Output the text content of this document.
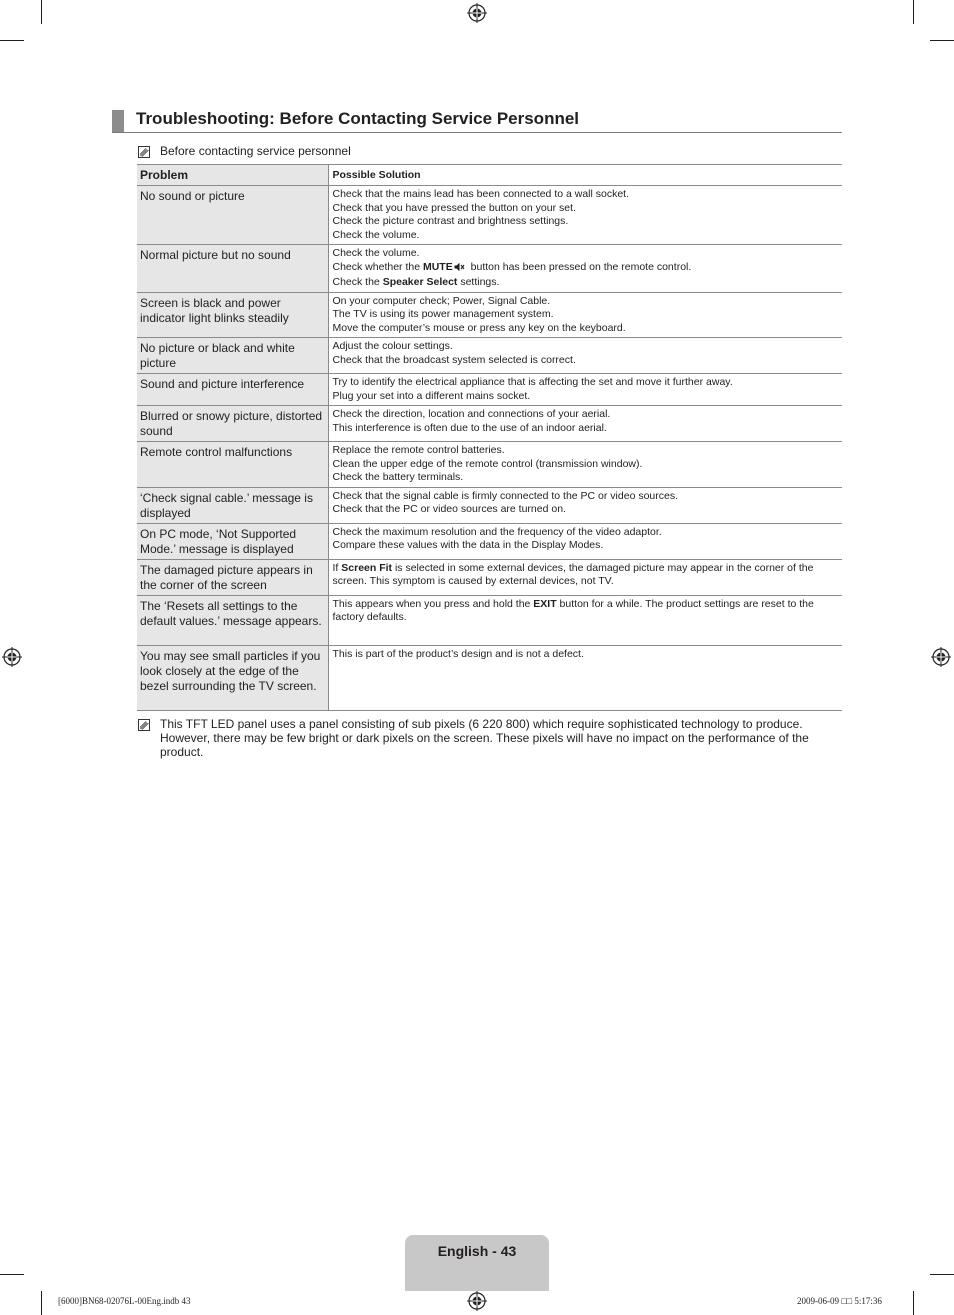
Troubleshooting: Before Contacting Service Personnel
Before contacting service personnel
Problem	Possible Solution
No sound or picture	Check that the mains lead has been connected to a wall socket.
Check that you have pressed the button on your set.
Check the picture contrast and brightness settings.
Check the volume.

Normal picture but no sound	Check the volume.
Check whether the MUTE button has been pressed on the remote control.
Check the Speaker Select settings.

Screen is black and power indicator light blinks steadily	On your computer check; Power, Signal Cable.
The TV is using its power management system.
Move the computer’s mouse or press any key on the keyboard.

No picture or black and white picture	Adjust the colour settings.
Check that the broadcast system selected is correct.

Sound and picture interference	Try to identify the electrical appliance that is affecting the set and move it further away.
Plug your set into a different mains socket.

Blurred or snowy picture, distorted sound	Check the direction, location and connections of your aerial.
This interference is often due to the use of an indoor aerial.

Remote control malfunctions	Replace the remote control batteries.
Clean the upper edge of the remote control (transmission window).
Check the battery terminals.

‘Check signal cable.’ message is displayed	Check that the signal cable is firmly connected to the PC or video sources.
Check that the PC or video sources are turned on.

On PC mode, ‘Not Supported Mode.’ message is displayed	Check the maximum resolution and the frequency of the video adaptor.
Compare these values with the data in the Display Modes.

The damaged picture appears in the corner of the screen	If Screen Fit is selected in some external devices, the damaged picture may appear in the corner of the screen. This symptom is caused by external devices, not TV.

The ‘Resets all settings to the default values.’ message appears.	This appears when you press and hold the EXIT button for a while. The product settings are reset to the factory defaults.

You may see small particles if you look closely at the edge of the bezel surrounding the TV screen.	This is part of the product’s design and is not a defect.
This TFT LED panel uses a panel consisting of sub pixels (6 220 800) which require sophisticated technology to produce. However, there may be few bright or dark pixels on the screen. These pixels will have no impact on the performance of the product.
English - 43
[6000]BN68-02076L-00Eng.indb 43	2009-06-09 □□ 5:17:36
